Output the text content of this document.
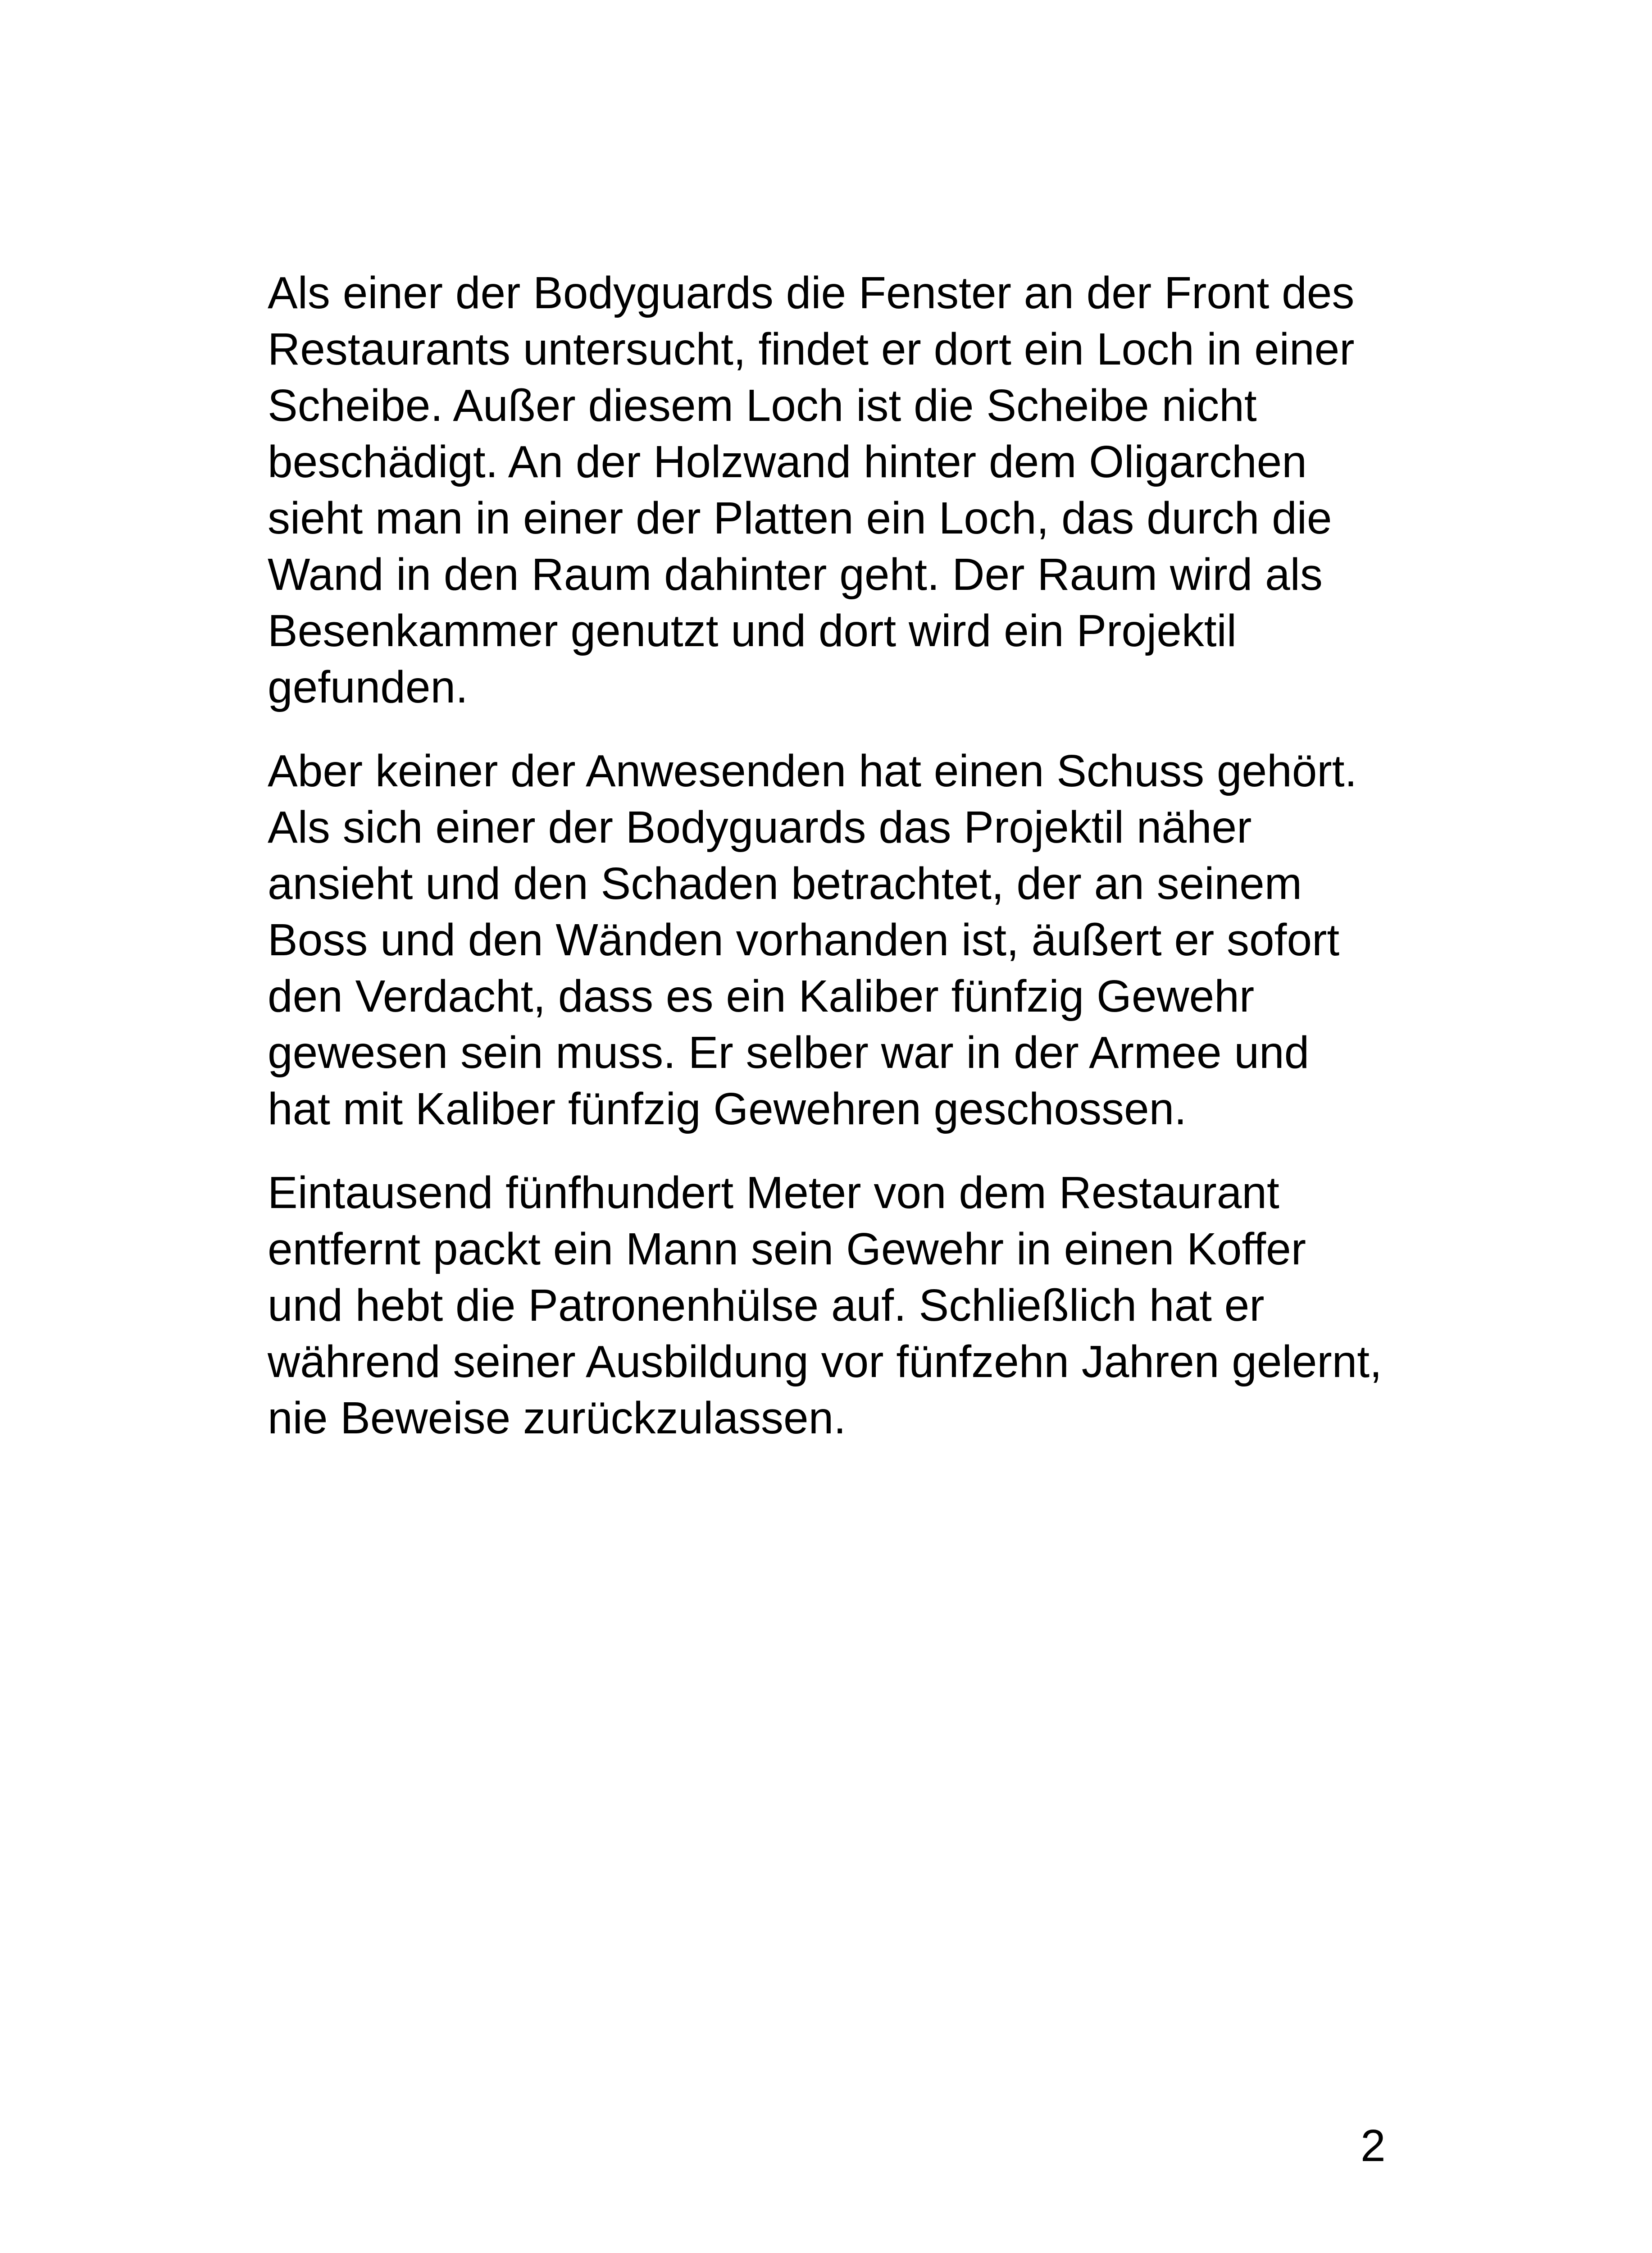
Als einer der Bodyguards die Fenster an der Front des
Restaurants untersucht, findet er dort ein Loch in einer
Scheibe. Außer diesem Loch ist die Scheibe nicht
beschädigt. An der Holzwand hinter dem Oligarchen
sieht man in einer der Platten ein Loch, das durch die
Wand in den Raum dahinter geht. Der Raum wird als
Besenkammer genutzt und dort wird ein Projektil
gefunden.

Aber keiner der Anwesenden hat einen Schuss gehört.
Als sich einer der Bodyguards das Projektil näher
ansieht und den Schaden betrachtet, der an seinem
Boss und den Wänden vorhanden ist, äußert er sofort
den Verdacht, dass es ein Kaliber fünfzig Gewehr
gewesen sein muss. Er selber war in der Armee und
hat mit Kaliber fünfzig Gewehren geschossen.

Eintausend fünfhundert Meter von dem Restaurant
entfernt packt ein Mann sein Gewehr in einen Koffer
und hebt die Patronenhülse auf. Schließlich hat er
während seiner Ausbildung vor fünfzehn Jahren gelernt,
nie Beweise zurückzulassen.

2
